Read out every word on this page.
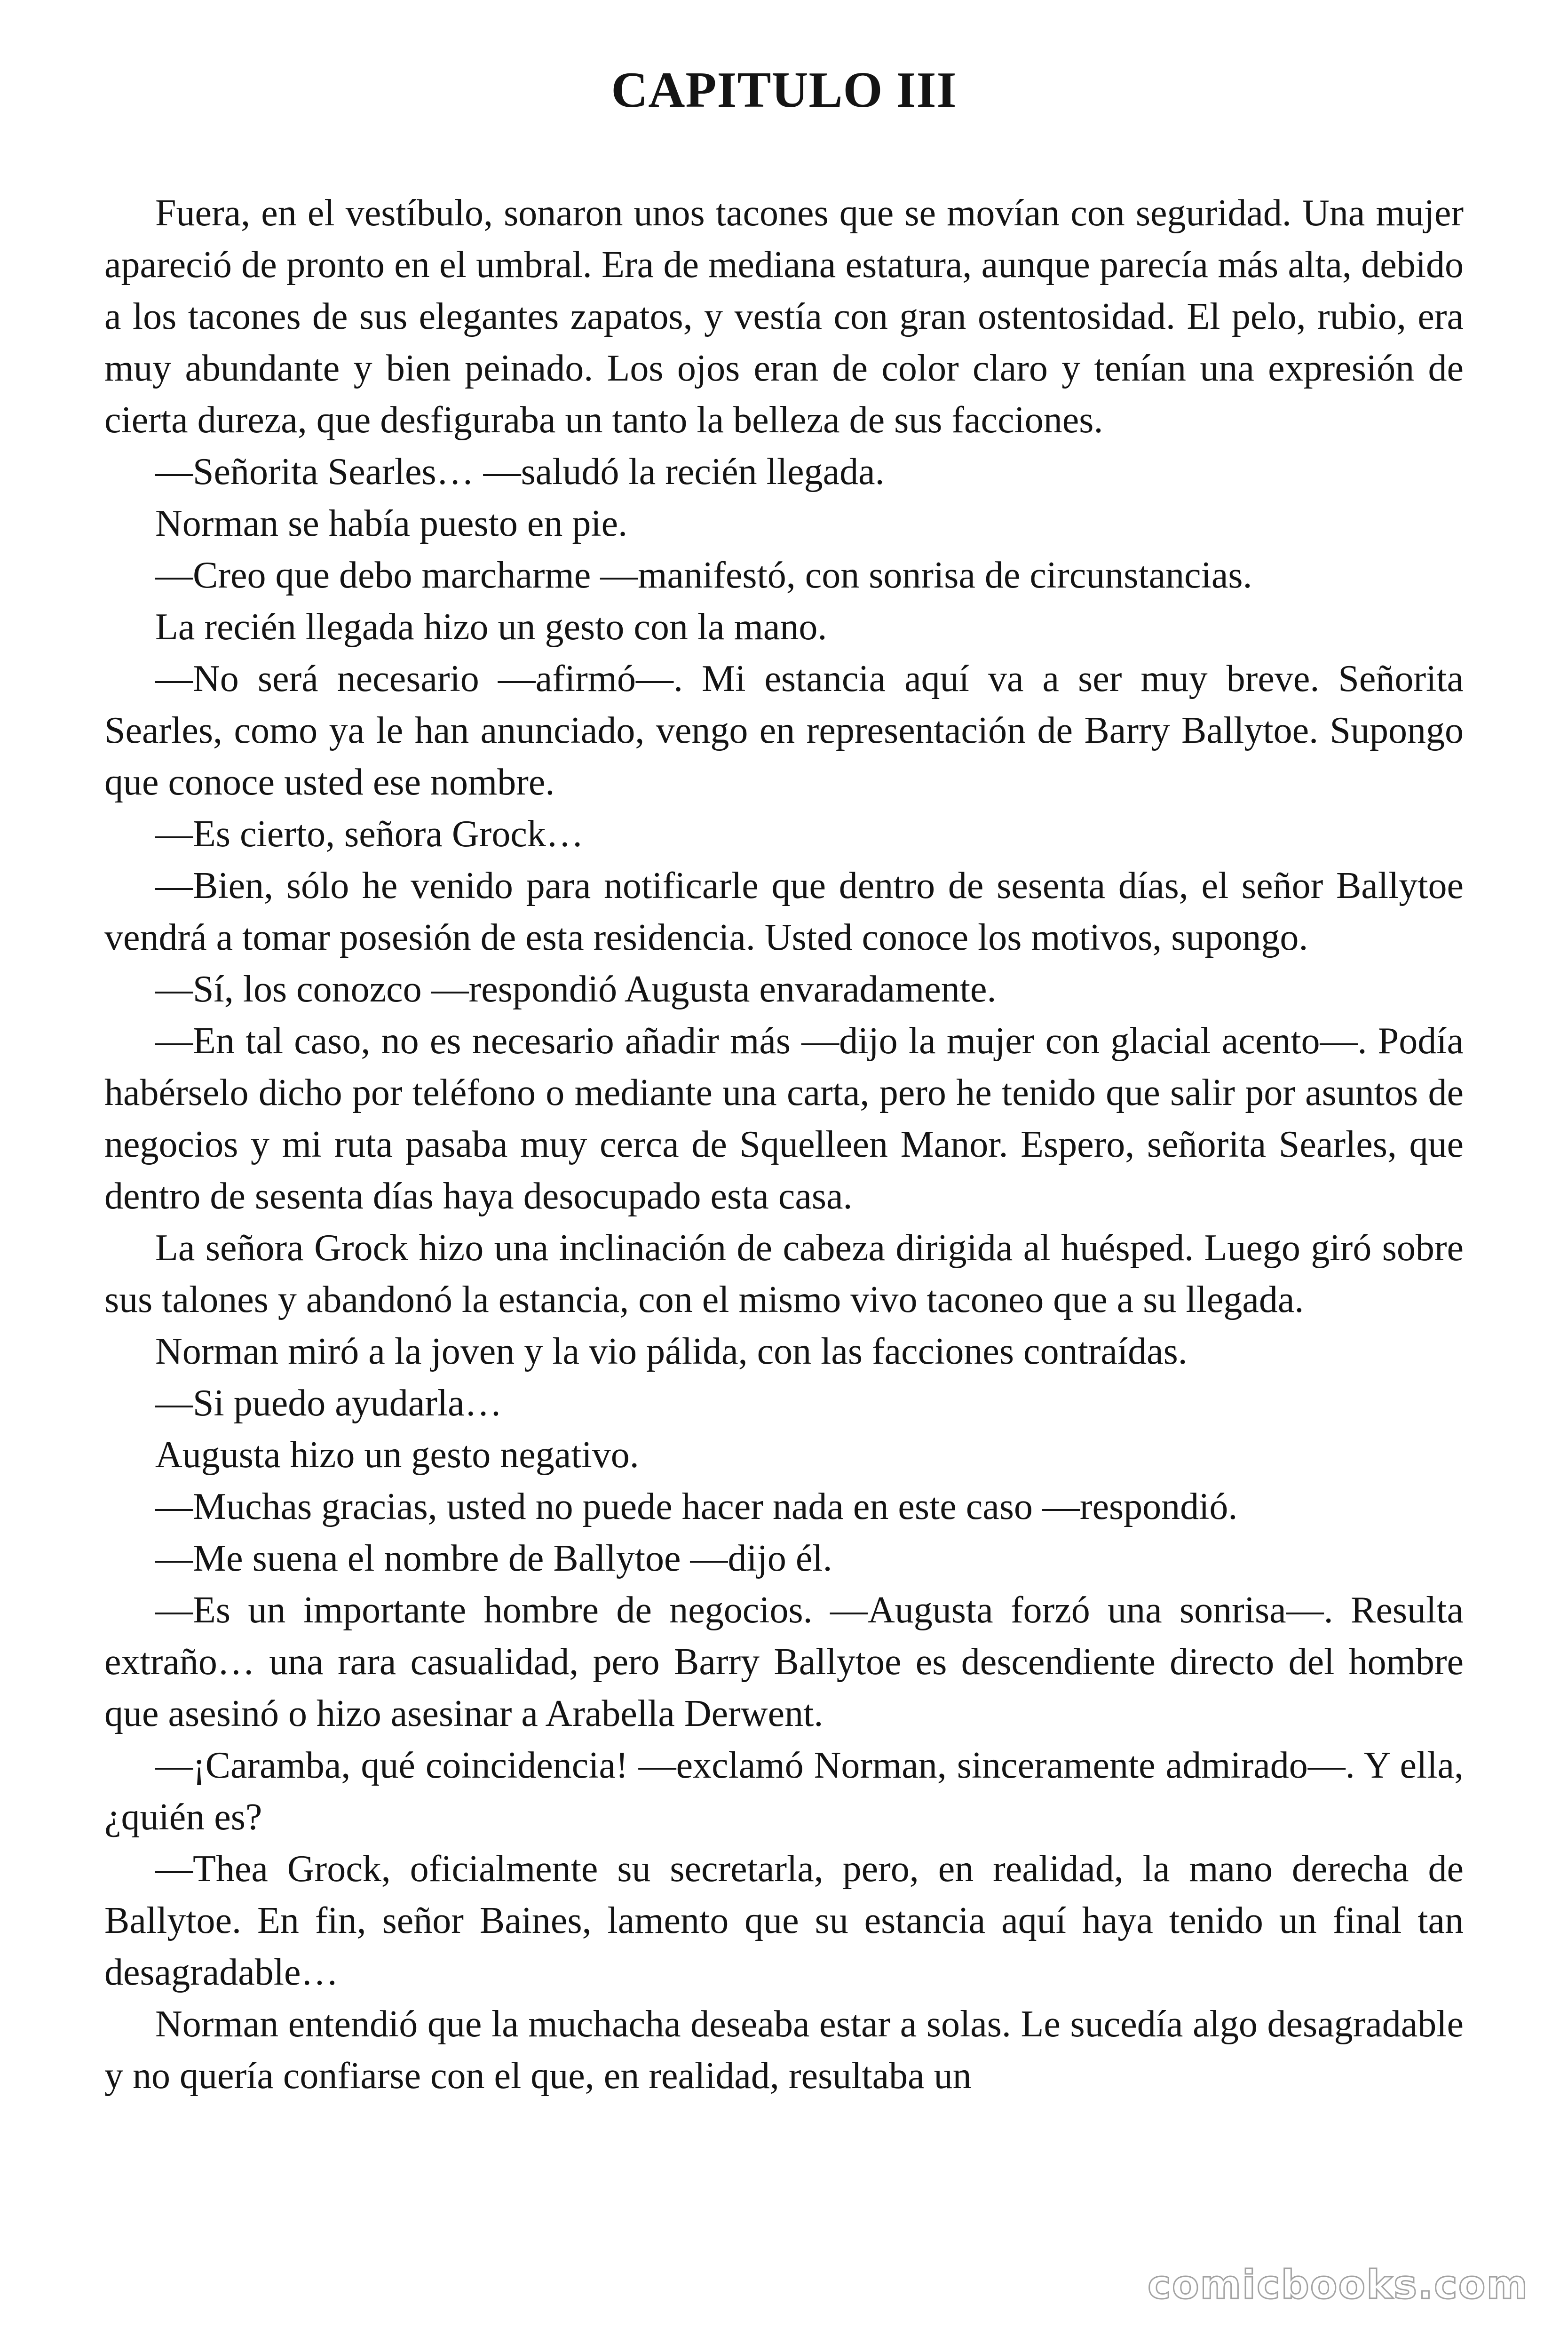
CAPITULO III

Fuera, en el vestíbulo, sonaron unos tacones que se movían con seguridad. Una mujer apareció de pronto en el umbral. Era de mediana estatura, aunque parecía más alta, debido a los tacones de sus elegantes zapatos, y vestía con gran ostentosidad. El pelo, rubio, era muy abundante y bien peinado. Los ojos eran de color claro y tenían una expresión de cierta dureza, que desfiguraba un tanto la belleza de sus facciones.

—Señorita Searles… —saludó la recién llegada.

Norman se había puesto en pie.

—Creo que debo marcharme —manifestó, con sonrisa de circunstancias.

La recién llegada hizo un gesto con la mano.

—No será necesario —afirmó—. Mi estancia aquí va a ser muy breve. Señorita Searles, como ya le han anunciado, vengo en representación de Barry Ballytoe. Supongo que conoce usted ese nombre.

—Es cierto, señora Grock…

—Bien, sólo he venido para notificarle que dentro de sesenta días, el señor Ballytoe vendrá a tomar posesión de esta residencia. Usted conoce los motivos, supongo.

—Sí, los conozco —respondió Augusta envaradamente.

—En tal caso, no es necesario añadir más —dijo la mujer con glacial acento—. Podía habérselo dicho por teléfono o mediante una carta, pero he tenido que salir por asuntos de negocios y mi ruta pasaba muy cerca de Squelleen Manor. Espero, señorita Searles, que dentro de sesenta días haya desocupado esta casa.

La señora Grock hizo una inclinación de cabeza dirigida al huésped. Luego giró sobre sus talones y abandonó la estancia, con el mismo vivo taconeo que a su llegada.

Norman miró a la joven y la vio pálida, con las facciones contraídas.

—Si puedo ayudarla…

Augusta hizo un gesto negativo.

—Muchas gracias, usted no puede hacer nada en este caso —respondió.

—Me suena el nombre de Ballytoe —dijo él.

—Es un importante hombre de negocios. —Augusta forzó una sonrisa—. Resulta extraño… una rara casualidad, pero Barry Ballytoe es descendiente directo del hombre que asesinó o hizo asesinar a Arabella Derwent.

—¡Caramba, qué coincidencia! —exclamó Norman, sinceramente admirado—. Y ella, ¿quién es?

—Thea Grock, oficialmente su secretarla, pero, en realidad, la mano derecha de Ballytoe. En fin, señor Baines, lamento que su estancia aquí haya tenido un final tan desagradable…

Norman entendió que la muchacha deseaba estar a solas. Le sucedía algo desagradable y no quería confiarse con el que, en realidad, resultaba un

comicbooks.com
